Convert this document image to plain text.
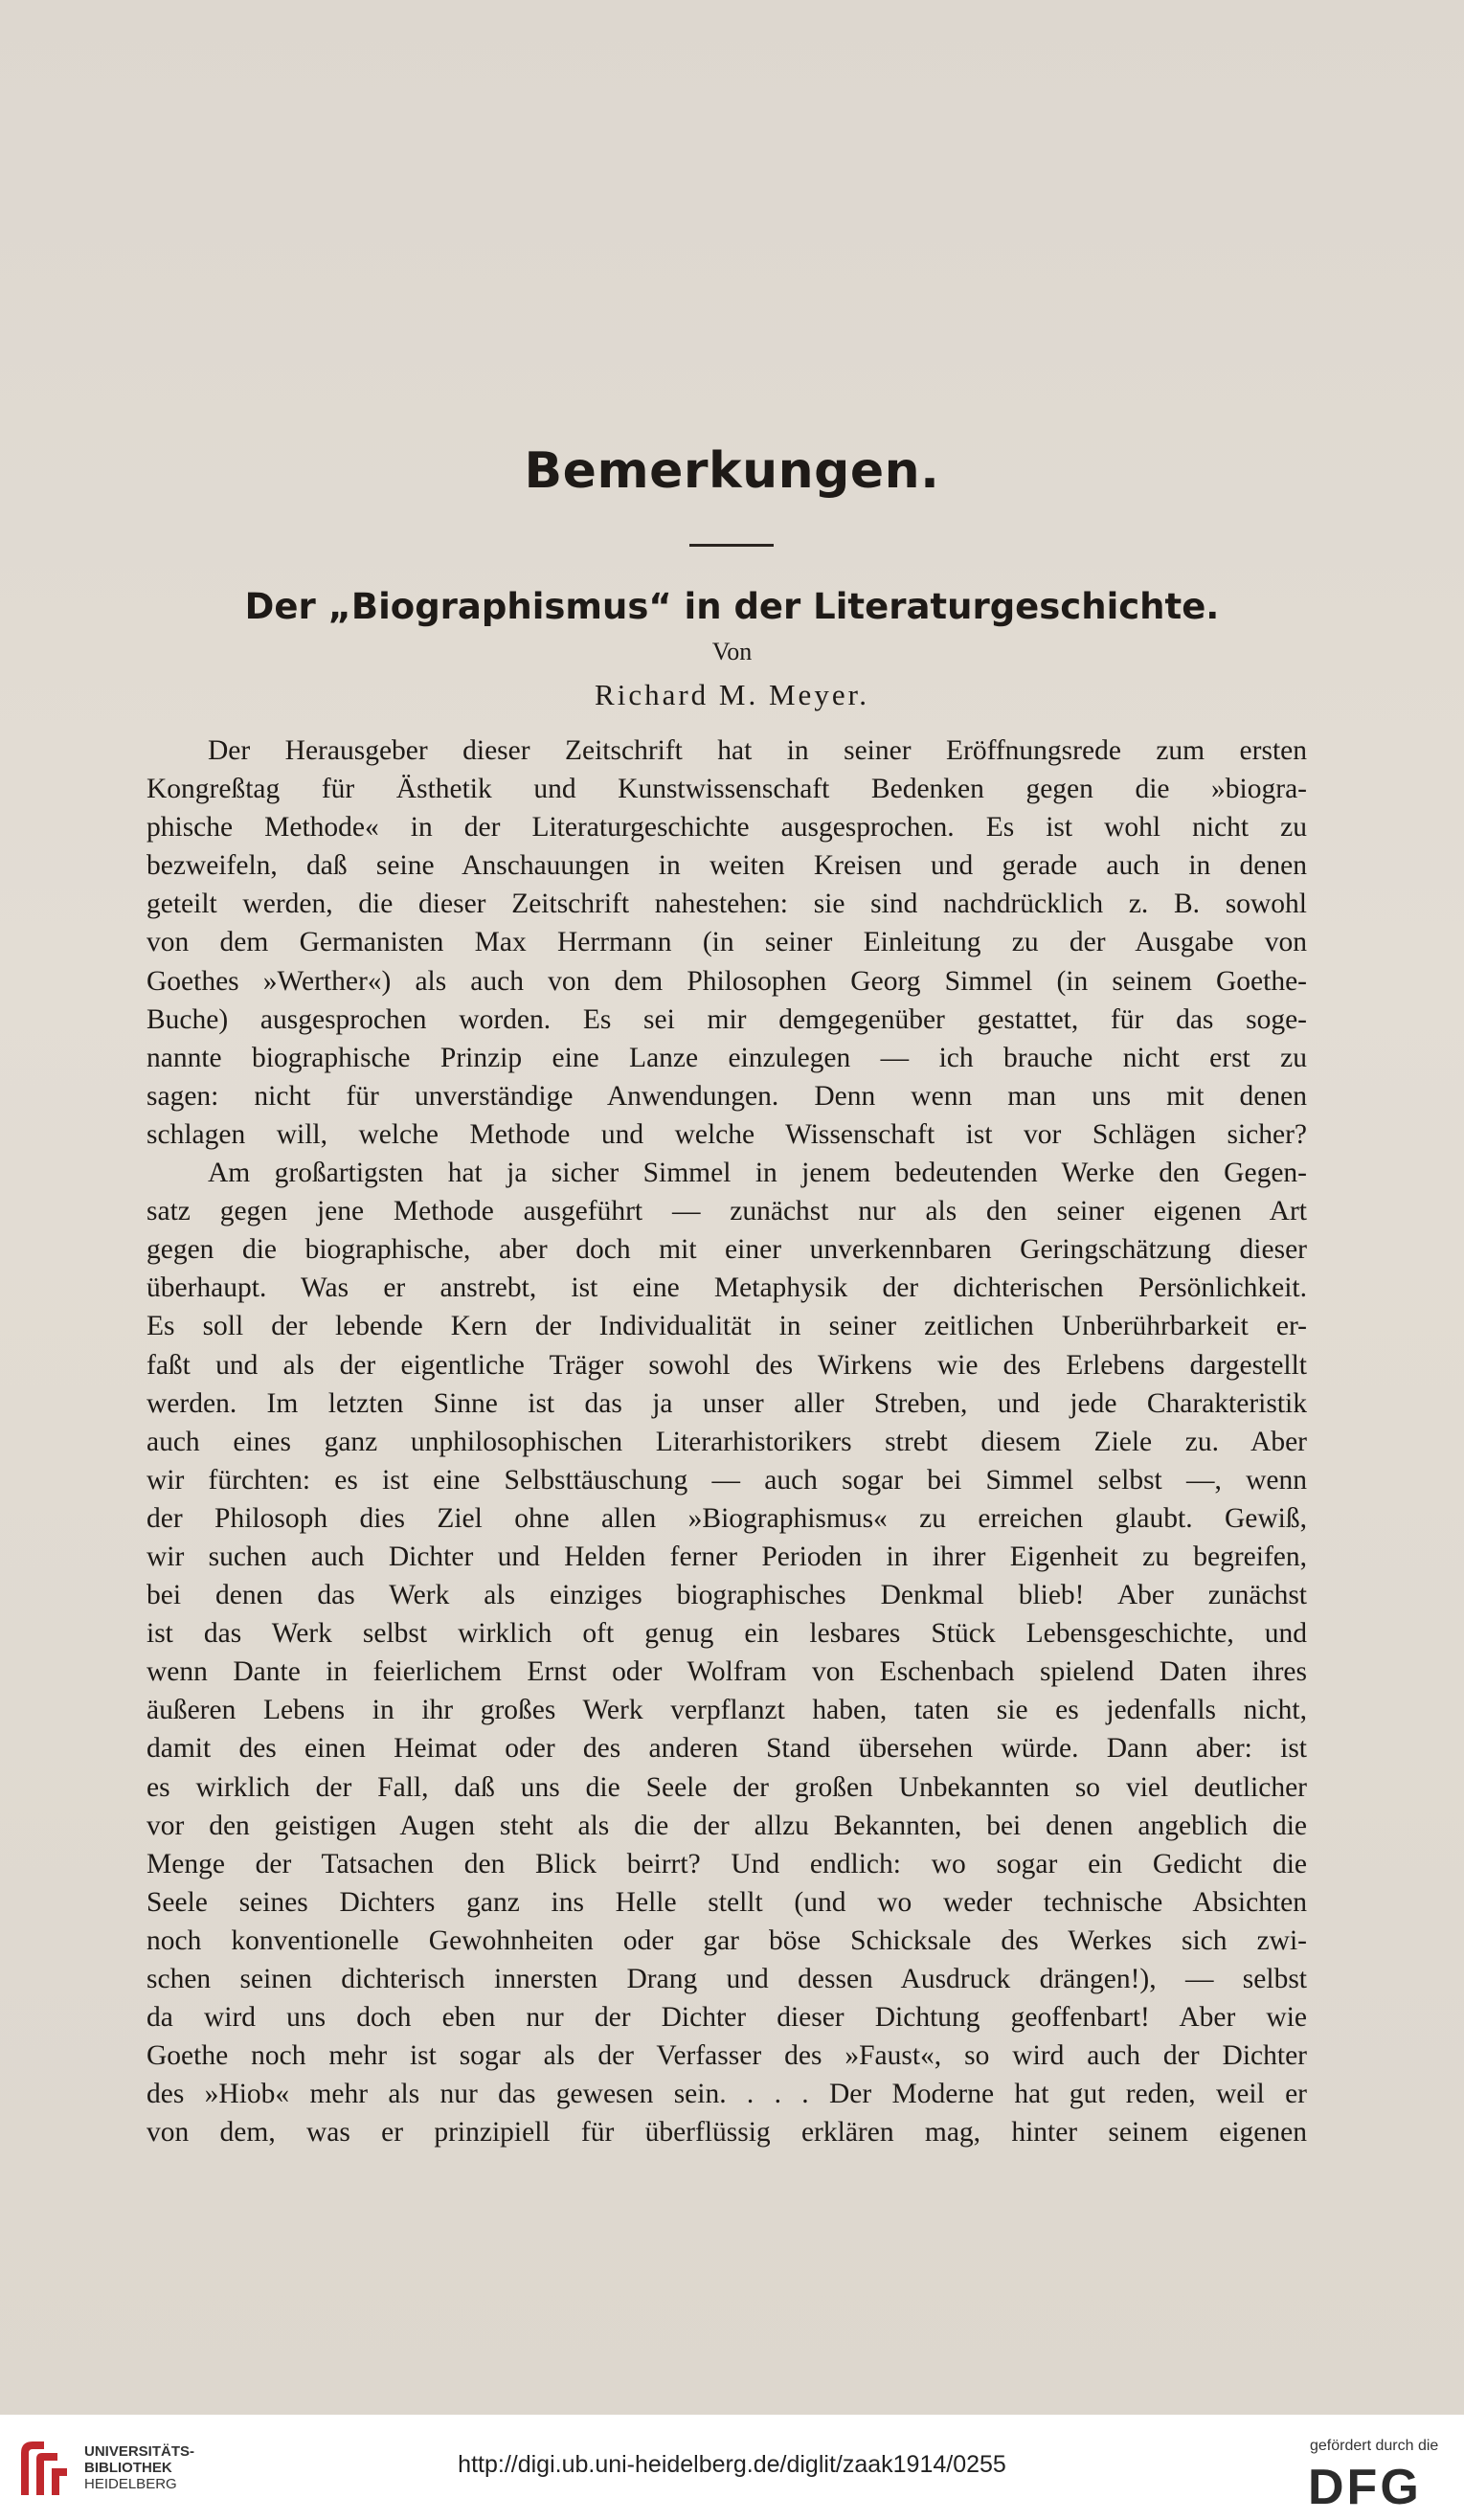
Bemerkungen.
Der „Biographismus“ in der Literaturgeschichte.
Von
Richard M. Meyer.
Der Herausgeber dieser Zeitschrift hat in seiner Eröffnungsrede zum ersten
Kongreßtag für Ästhetik und Kunstwissenschaft Bedenken gegen die »biogra-
phische Methode« in der Literaturgeschichte ausgesprochen. Es ist wohl nicht zu
bezweifeln, daß seine Anschauungen in weiten Kreisen und gerade auch in denen
geteilt werden, die dieser Zeitschrift nahestehen: sie sind nachdrücklich z. B. sowohl
von dem Germanisten Max Herrmann (in seiner Einleitung zu der Ausgabe von
Goethes »Werther«) als auch von dem Philosophen Georg Simmel (in seinem Goethe-
Buche) ausgesprochen worden. Es sei mir demgegenüber gestattet, für das soge-
nannte biographische Prinzip eine Lanze einzulegen — ich brauche nicht erst zu
sagen: nicht für unverständige Anwendungen. Denn wenn man uns mit denen
schlagen will, welche Methode und welche Wissenschaft ist vor Schlägen sicher?
Am großartigsten hat ja sicher Simmel in jenem bedeutenden Werke den Gegen-
satz gegen jene Methode ausgeführt — zunächst nur als den seiner eigenen Art
gegen die biographische, aber doch mit einer unverkennbaren Geringschätzung dieser
überhaupt. Was er anstrebt, ist eine Metaphysik der dichterischen Persönlichkeit.
Es soll der lebende Kern der Individualität in seiner zeitlichen Unberührbarkeit er-
faßt und als der eigentliche Träger sowohl des Wirkens wie des Erlebens dargestellt
werden. Im letzten Sinne ist das ja unser aller Streben, und jede Charakteristik
auch eines ganz unphilosophischen Literarhistorikers strebt diesem Ziele zu. Aber
wir fürchten: es ist eine Selbsttäuschung — auch sogar bei Simmel selbst —, wenn
der Philosoph dies Ziel ohne allen »Biographismus« zu erreichen glaubt. Gewiß,
wir suchen auch Dichter und Helden ferner Perioden in ihrer Eigenheit zu begreifen,
bei denen das Werk als einziges biographisches Denkmal blieb! Aber zunächst
ist das Werk selbst wirklich oft genug ein lesbares Stück Lebensgeschichte, und
wenn Dante in feierlichem Ernst oder Wolfram von Eschenbach spielend Daten ihres
äußeren Lebens in ihr großes Werk verpflanzt haben, taten sie es jedenfalls nicht,
damit des einen Heimat oder des anderen Stand übersehen würde. Dann aber: ist
es wirklich der Fall, daß uns die Seele der großen Unbekannten so viel deutlicher
vor den geistigen Augen steht als die der allzu Bekannten, bei denen angeblich die
Menge der Tatsachen den Blick beirrt? Und endlich: wo sogar ein Gedicht die
Seele seines Dichters ganz ins Helle stellt (und wo weder technische Absichten
noch konventionelle Gewohnheiten oder gar böse Schicksale des Werkes sich zwi-
schen seinen dichterisch innersten Drang und dessen Ausdruck drängen!), — selbst
da wird uns doch eben nur der Dichter dieser Dichtung geoffenbart! Aber wie
Goethe noch mehr ist sogar als der Verfasser des »Faust«, so wird auch der Dichter
des »Hiob« mehr als nur das gewesen sein. . . . Der Moderne hat gut reden, weil er
von dem, was er prinzipiell für überflüssig erklären mag, hinter seinem eigenen
UNIVERSITÄTS-
BIBLIOTHEK
HEIDELBERG
http://digi.ub.uni-heidelberg.de/diglit/zaak1914/0255
gefördert durch die
DFG
